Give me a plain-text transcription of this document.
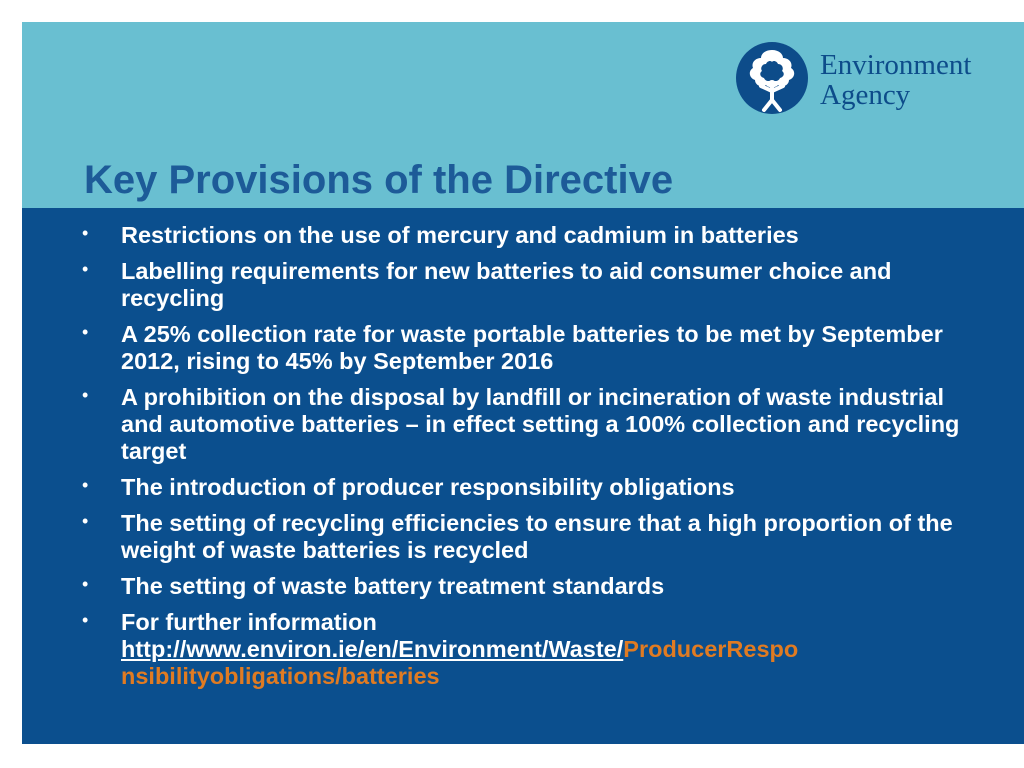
Environment
Agency
Key Provisions of the Directive
• Restrictions on the use of mercury and cadmium in batteries
• Labelling requirements for new batteries to aid consumer choice and recycling
• A 25% collection rate for waste portable batteries to be met by September 2012, rising to 45% by September 2016
• A prohibition on the disposal by landfill or incineration of waste industrial and automotive batteries – in effect setting a 100% collection and recycling target
• The introduction of producer responsibility obligations
• The setting of recycling efficiencies to ensure that a high proportion of the weight of waste batteries is recycled
• The setting of waste battery treatment standards
• For further information http://www.environ.ie/en/Environment/Waste/ProducerRespo nsibilityobligations/batteries
